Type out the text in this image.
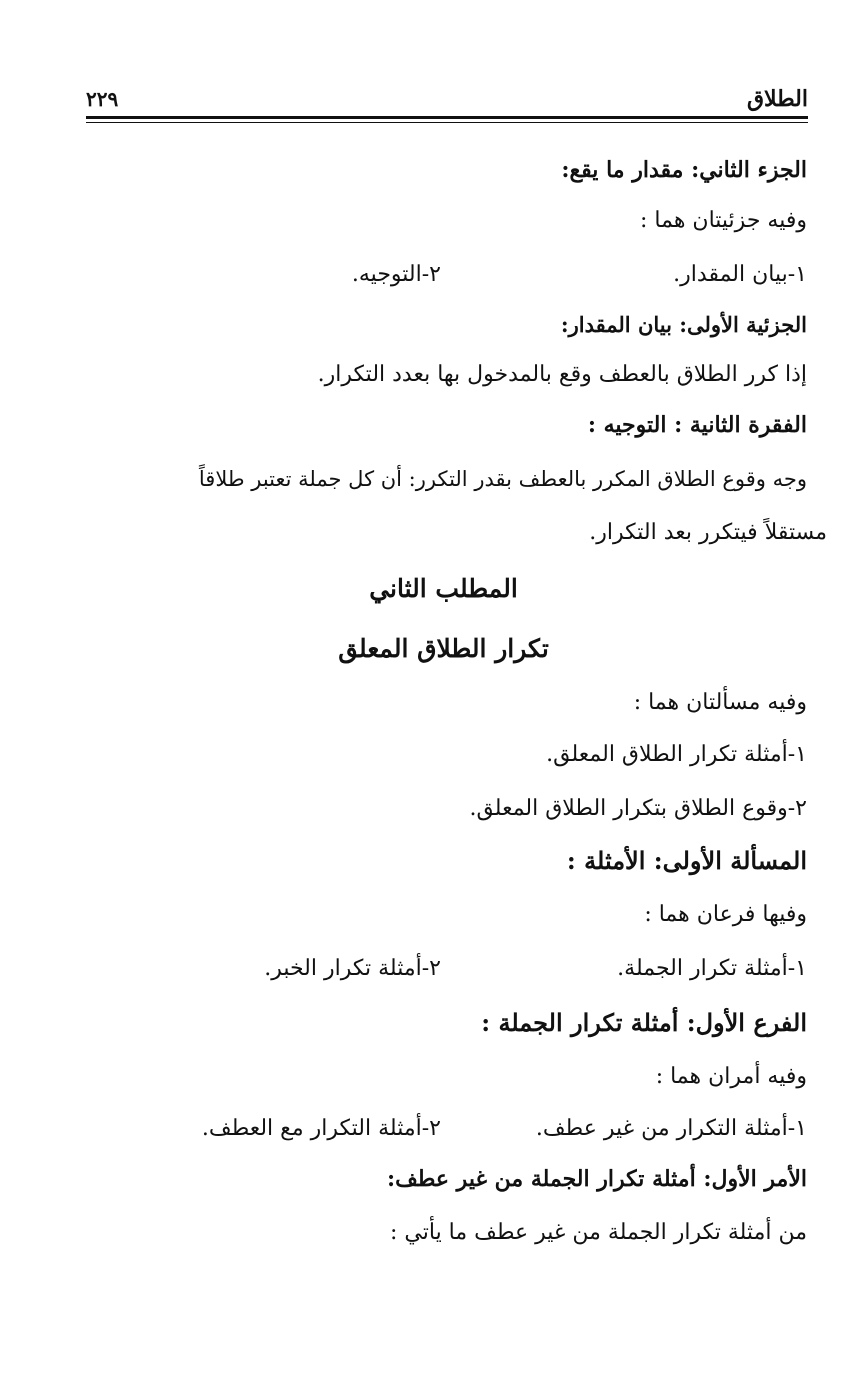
الطلاق
٢٢٩
الجزء الثاني: مقدار ما يقع:
وفيه جزئيتان هما :
١-بيان المقدار.
٢-التوجيه.
الجزئية الأولى: بيان المقدار:
إذا كرر الطلاق بالعطف وقع بالمدخول بها بعدد التكرار.
الفقرة الثانية : التوجيه :
وجه وقوع الطلاق المكرر بالعطف بقدر التكرر: أن كل جملة تعتبر طلاقاً
مستقلاً فيتكرر بعد التكرار.
المطلب الثاني
تكرار الطلاق المعلق
وفيه مسألتان هما :
١-أمثلة تكرار الطلاق المعلق.
٢-وقوع الطلاق بتكرار الطلاق المعلق.
المسألة الأولى: الأمثلة :
وفيها فرعان هما :
١-أمثلة تكرار الجملة.
٢-أمثلة تكرار الخبر.
الفرع الأول: أمثلة تكرار الجملة :
وفيه أمران هما :
١-أمثلة التكرار من غير عطف.
٢-أمثلة التكرار مع العطف.
الأمر الأول: أمثلة تكرار الجملة من غير عطف:
من أمثلة تكرار الجملة من غير عطف ما يأتي :
